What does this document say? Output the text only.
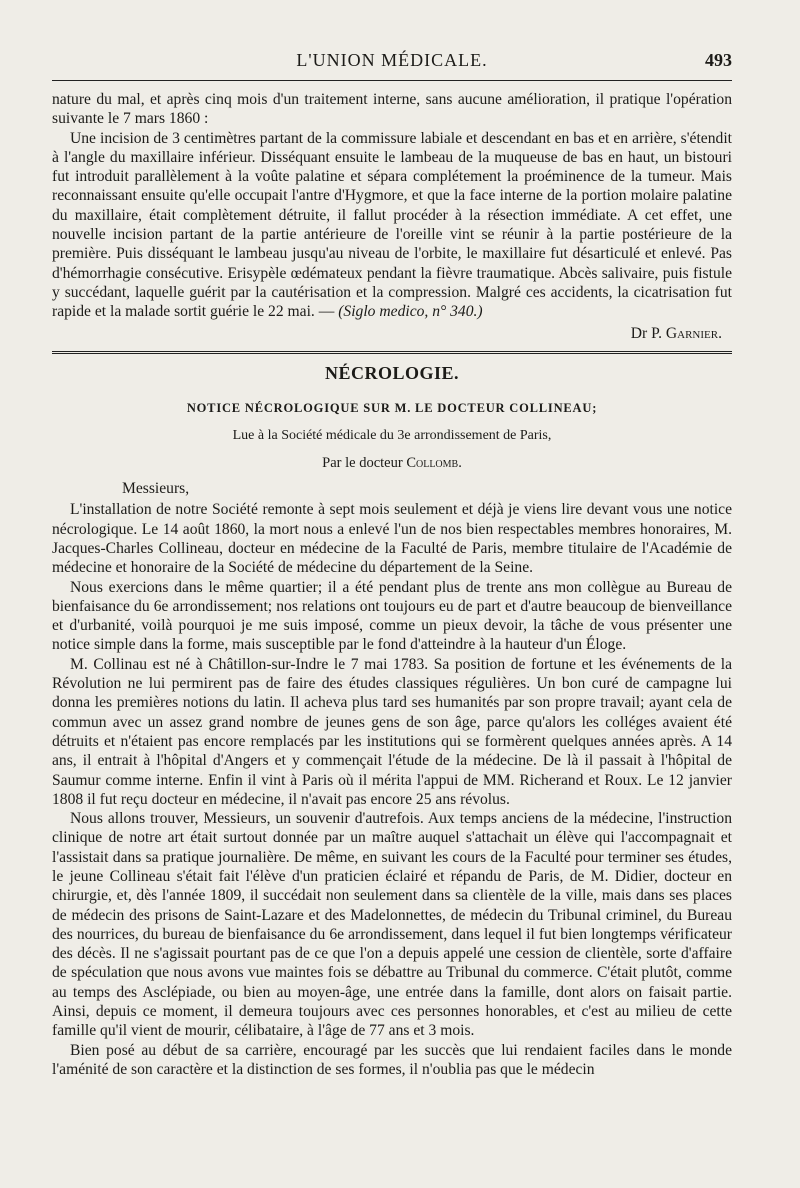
L'UNION MÉDICALE.	493

nature du mal, et après cinq mois d'un traitement interne, sans aucune amélioration, il pratique l'opération suivante le 7 mars 1860 :

Une incision de 3 centimètres partant de la commissure labiale et descendant en bas et en arrière, s'étendit à l'angle du maxillaire inférieur. Disséquant ensuite le lambeau de la muqueuse de bas en haut, un bistouri fut introduit parallèlement à la voûte palatine et sépara complétement la proéminence de la tumeur. Mais reconnaissant ensuite qu'elle occupait l'antre d'Hygmore, et que la face interne de la portion molaire palatine du maxillaire, était complètement détruite, il fallut procéder à la résection immédiate. A cet effet, une nouvelle incision partant de la partie antérieure de l'oreille vint se réunir à la partie postérieure de la première. Puis disséquant le lambeau jusqu'au niveau de l'orbite, le maxillaire fut désarticulé et enlevé. Pas d'hémorrhagie consécutive. Erisypèle œdémateux pendant la fièvre traumatique. Abcès salivaire, puis fistule y succédant, laquelle guérit par la cautérisation et la compression. Malgré ces accidents, la cicatrisation fut rapide et la malade sortit guérie le 22 mai. — (Siglo medico, n° 340.)

Dr P. Garnier.
NÉCROLOGIE.
NOTICE NÉCROLOGIQUE SUR M. LE DOCTEUR COLLINEAU;
Lue à la Société médicale du 3e arrondissement de Paris,
Par le docteur Collomb.

Messieurs,

L'installation de notre Société remonte à sept mois seulement et déjà je viens lire devant vous une notice nécrologique. Le 14 août 1860, la mort nous a enlevé l'un de nos bien respectables membres honoraires, M. Jacques-Charles Collineau, docteur en médecine de la Faculté de Paris, membre titulaire de l'Académie de médecine et honoraire de la Société de médecine du département de la Seine.

Nous exercions dans le même quartier; il a été pendant plus de trente ans mon collègue au Bureau de bienfaisance du 6e arrondissement; nos relations ont toujours eu de part et d'autre beaucoup de bienveillance et d'urbanité, voilà pourquoi je me suis imposé, comme un pieux devoir, la tâche de vous présenter une notice simple dans la forme, mais susceptible par le fond d'atteindre à la hauteur d'un Éloge.

M. Collinau est né à Châtillon-sur-Indre le 7 mai 1783. Sa position de fortune et les événements de la Révolution ne lui permirent pas de faire des études classiques régulières. Un bon curé de campagne lui donna les premières notions du latin. Il acheva plus tard ses humanités par son propre travail; ayant cela de commun avec un assez grand nombre de jeunes gens de son âge, parce qu'alors les colléges avaient été détruits et n'étaient pas encore remplacés par les institutions qui se formèrent quelques années après. A 14 ans, il entrait à l'hôpital d'Angers et y commençait l'étude de la médecine. De là il passait à l'hôpital de Saumur comme interne. Enfin il vint à Paris où il mérita l'appui de MM. Richerand et Roux. Le 12 janvier 1808 il fut reçu docteur en médecine, il n'avait pas encore 25 ans révolus.

Nous allons trouver, Messieurs, un souvenir d'autrefois. Aux temps anciens de la médecine, l'instruction clinique de notre art était surtout donnée par un maître auquel s'attachait un élève qui l'accompagnait et l'assistait dans sa pratique journalière. De même, en suivant les cours de la Faculté pour terminer ses études, le jeune Collineau s'était fait l'élève d'un praticien éclairé et répandu de Paris, de M. Didier, docteur en chirurgie, et, dès l'année 1809, il succédait non seulement dans sa clientèle de la ville, mais dans ses places de médecin des prisons de Saint-Lazare et des Madelonnettes, de médecin du Tribunal criminel, du Bureau des nourrices, du bureau de bienfaisance du 6e arrondissement, dans lequel il fut bien longtemps vérificateur des décès. Il ne s'agissait pourtant pas de ce que l'on a depuis appelé une cession de clientèle, sorte d'affaire de spéculation que nous avons vue maintes fois se débattre au Tribunal du commerce. C'était plutôt, comme au temps des Asclépiade, ou bien au moyen-âge, une entrée dans la famille, dont alors on faisait partie. Ainsi, depuis ce moment, il demeura toujours avec ces personnes honorables, et c'est au milieu de cette famille qu'il vient de mourir, célibataire, à l'âge de 77 ans et 3 mois.

Bien posé au début de sa carrière, encouragé par les succès que lui rendaient faciles dans le monde l'aménité de son caractère et la distinction de ses formes, il n'oublia pas que le médecin
